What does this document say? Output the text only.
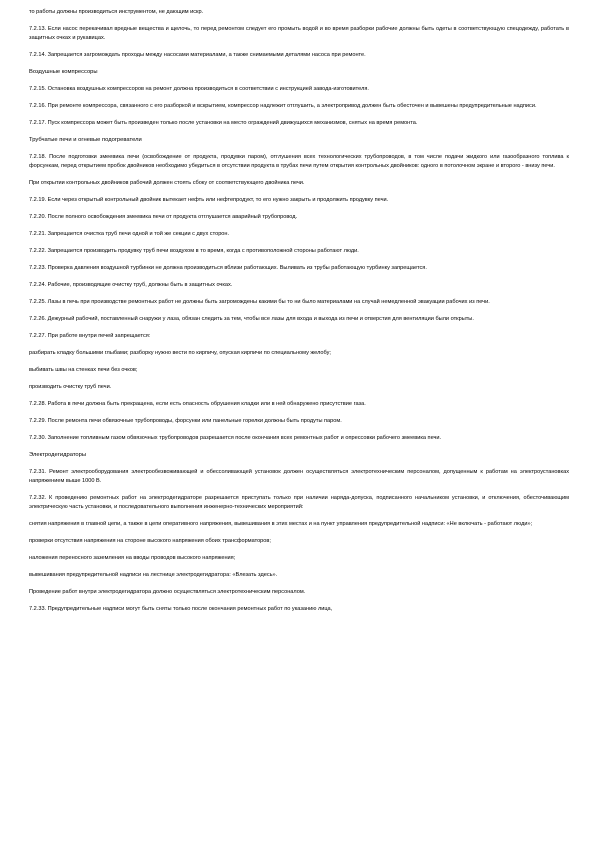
то работы должны производиться инструментом, не дающим искр.

7.2.13. Если насос перекачивал вредные вещества и щелочь, то перед ремонтом следует его промыть водой и во время разборки рабочие должны быть одеты в соответствующую спецодежду, работать в защитных очках и рукавицах.

7.2.14. Запрещается загромождать проходы между насосами материалами, а также снимаемыми деталями насоса при ремонте.

Воздушные компрессоры

7.2.15. Остановка воздушных компрессоров на ремонт должна производиться в соответствии с инструкцией завода-изготовителя.

7.2.16. При ремонте компрессора, связанного с его разборкой и вскрытием, компрессор надлежит отглушить, а электропривод должен быть обесточен и вывешены предупредительные надписи.

7.2.17. Пуск компрессора может быть произведен только после установки на место ограждений движущихся механизмов, снятых на время ремонта.

Трубчатые печи и огневые подогреватели

7.2.18. После подготовки змеевика печи (освобождение от продукта, продувки паром), отглушения всех технологических трубопроводов, в том числе подачи жидкого или газообразного топлива к форсункам, перед открытием пробок двойников необходимо убедиться в отсутствии продукта в трубах печи путем открытия контрольных двойников: одного в потолочном экране и второго - внизу печи.

При открытии контрольных двойников рабочий должен стоять сбоку от соответствующего двойника печи.

7.2.19. Если через открытый контрольный двойник вытекает нефть или нефтепродукт, то его нужно закрыть и продолжить продувку печи.

7.2.20. После полного освобождения змеевика печи от продукта отглушается аварийный трубопровод.

7.2.21. Запрещается очистка труб печи одной и той же секции с двух сторон.

7.2.22. Запрещается производить продувку труб печи воздухом в то время, когда с противоположной стороны работают люди.

7.2.23. Проверка давления воздушной турбинки не должна производиться вблизи работающих. Выливать из трубы работающую турбинку запрещается.

7.2.24. Рабочие, производящие очистку труб, должны быть в защитных очках.

7.2.25. Лазы в печь при производстве ремонтных работ не должны быть загромождены какими бы то ни было материалами на случай немедленной эвакуации рабочих из печи.

7.2.26. Дежурный рабочий, поставленный снаружи у лаза, обязан следить за тем, чтобы все лазы для входа и выхода из печи и отверстия для вентиляции были открыты.

7.2.27. При работе внутри печей запрещается:

разбирать кладку большими глыбами; разборку нужно вести по кирпичу, опуская кирпичи по специальному желобу;

выбивать швы на стенках печи без очков;

производить очистку труб печи.

7.2.28. Работа в печи должна быть прекращена, если есть опасность обрушения кладки или в ней обнаружено присутствие газа.

7.2.29. После ремонта печи обвязочные трубопроводы, форсунки или панельные горелки должны быть продуты паром.

7.2.30. Заполнение топливным газом обвязочных трубопроводов разрешается после окончания всех ремонтных работ и опрессовки рабочего змеевика печи.

Электродегидраторы

7.2.31. Ремонт электрооборудования электрообезвоживающей и обессоливающей установок должен осуществляться электротехническим персоналом, допущенным к работам на электроустановках напряжением выше 1000 В.

7.2.32. К проведению ремонтных работ на электродегидраторе разрешается приступать только при наличии наряда-допуска, подписанного начальником установки, и отключения, обесточивающим электрическую часть установки, и последовательного выполнения инженерно-технических мероприятий:

снятия напряжения в главной цепи, а также в цепи оперативного напряжения, вывешивания в этих местах и на пункт управления предупредительной надписи: «Не включать - работают люди»;

проверки отсутствия напряжения на стороне высокого напряжения обоих трансформаторов;

наложения переносного заземления на вводы проводов высокого напряжения;

вывешивания предупредительной надписи на лестнице электродегидратора: «Влезать здесь».

Проведение работ внутри электродегидратора должно осуществляться электротехническим персоналом.

7.2.33. Предупредительные надписи могут быть сняты только после окончания ремонтных работ по указанию лица,
